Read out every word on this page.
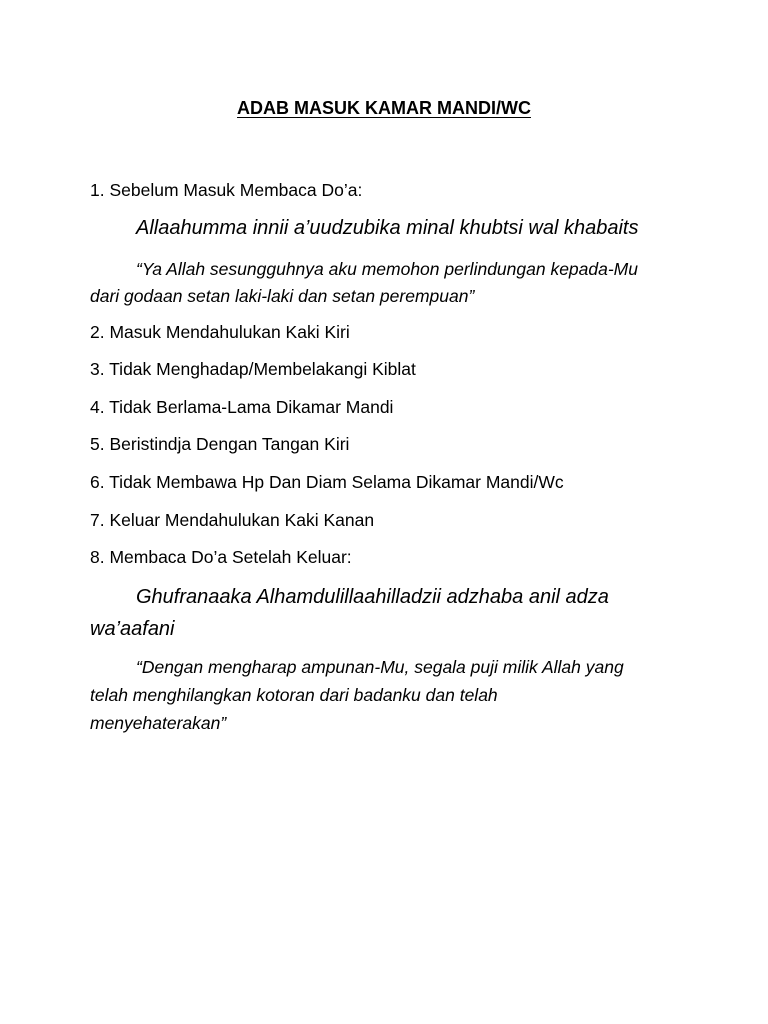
ADAB MASUK KAMAR MANDI/WC
1. Sebelum Masuk Membaca Do’a:
Allaahumma innii a’uudzubika minal khubtsi wal khabaits
“Ya Allah sesungguhnya aku memohon perlindungan kepada-Mu
dari godaan setan laki-laki dan setan perempuan”
2. Masuk Mendahulukan Kaki Kiri
3. Tidak Menghadap/Membelakangi Kiblat
4. Tidak Berlama-Lama Dikamar Mandi
5. Beristindja Dengan Tangan Kiri
6. Tidak Membawa Hp Dan Diam Selama Dikamar Mandi/Wc
7. Keluar Mendahulukan Kaki Kanan
8. Membaca Do’a Setelah Keluar:
Ghufranaaka Alhamdulillaahilladzii adzhaba anil adza
wa’aafani
“Dengan mengharap ampunan-Mu, segala puji milik Allah yang
telah menghilangkan kotoran dari badanku dan telah
menyehaterakan”
